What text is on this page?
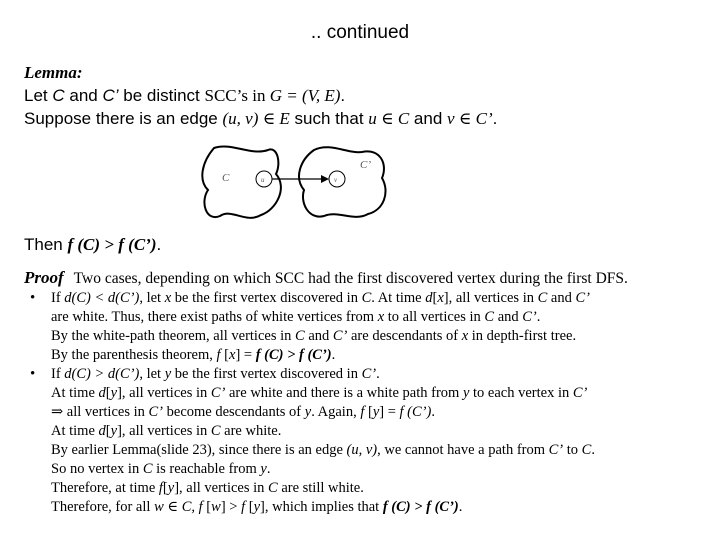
.. continued
Lemma:
Let C and C’ be distinct SCC’s in G = (V, E).
Suppose there is an edge (u, v) ∈ E such that u ∈ C and v ∈ C’.
C
C’
u	v
Then f (C) > f (C’).
Proof Two cases, depending on which SCC had the first discovered vertex during the first DFS.
•
•
If d(C) < d(C’), let x be the first vertex discovered in C. At time d[x], all vertices in C and C’
are white. Thus, there exist paths of white vertices from x to all vertices in C and C’.
By the white-path theorem, all vertices in C and C’ are descendants of x in depth-first tree.
By the parenthesis theorem, f [x] = f (C) > f (C’).
If d(C) > d(C’), let y be the first vertex discovered in C’.
At time d[y], all vertices in C’ are white and there is a white path from y to each vertex in C’
⇒ all vertices in C’ become descendants of y. Again, f [y] = f (C’).
At time d[y], all vertices in C are white.
By earlier Lemma(slide 23), since there is an edge (u, v), we cannot have a path from C’ to C.
So no vertex in C is reachable from y.
Therefore, at time f[y], all vertices in C are still white.
Therefore, for all w ∈ C, f [w] > f [y], which implies that f (C) > f (C’).
